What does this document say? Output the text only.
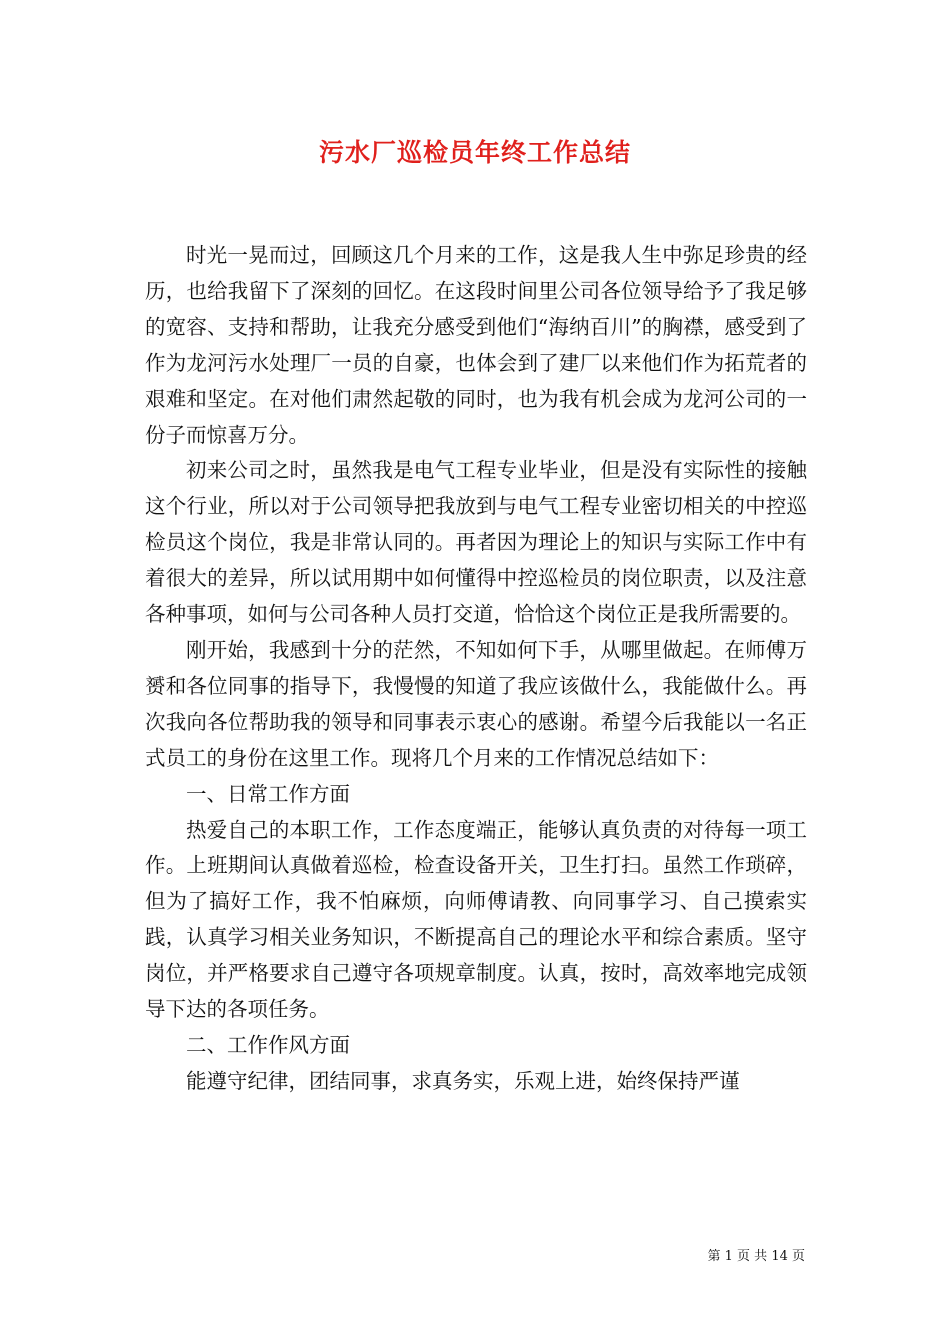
污水厂巡检员年终工作总结

时光一晃而过，回顾这几个月来的工作，这是我人生中弥足珍贵的经历，也给我留下了深刻的回忆。在这段时间里公司各位领导给予了我足够的宽容、支持和帮助，让我充分感受到他们“海纳百川”的胸襟，感受到了作为龙河污水处理厂一员的自豪，也体会到了建厂以来他们作为拓荒者的艰难和坚定。在对他们肃然起敬的同时，也为我有机会成为龙河公司的一份子而惊喜万分。

初来公司之时，虽然我是电气工程专业毕业，但是没有实际性的接触这个行业，所以对于公司领导把我放到与电气工程专业密切相关的中控巡检员这个岗位，我是非常认同的。再者因为理论上的知识与实际工作中有着很大的差异，所以试用期中如何懂得中控巡检员的岗位职责，以及注意各种事项，如何与公司各种人员打交道，恰恰这个岗位正是我所需要的。

刚开始，我感到十分的茫然，不知如何下手，从哪里做起。在师傅万赟和各位同事的指导下，我慢慢的知道了我应该做什么，我能做什么。再次我向各位帮助我的领导和同事表示衷心的感谢。希望今后我能以一名正式员工的身份在这里工作。现将几个月来的工作情况总结如下：

一、日常工作方面

热爱自己的本职工作，工作态度端正，能够认真负责的对待每一项工作。上班期间认真做着巡检，检查设备开关，卫生打扫。虽然工作琐碎，但为了搞好工作，我不怕麻烦，向师傅请教、向同事学习、自己摸索实践，认真学习相关业务知识，不断提高自己的理论水平和综合素质。坚守岗位，并严格要求自己遵守各项规章制度。认真，按时，高效率地完成领导下达的各项任务。

二、工作作风方面

能遵守纪律，团结同事，求真务实，乐观上进，始终保持严谨

第 1 页 共 14 页
